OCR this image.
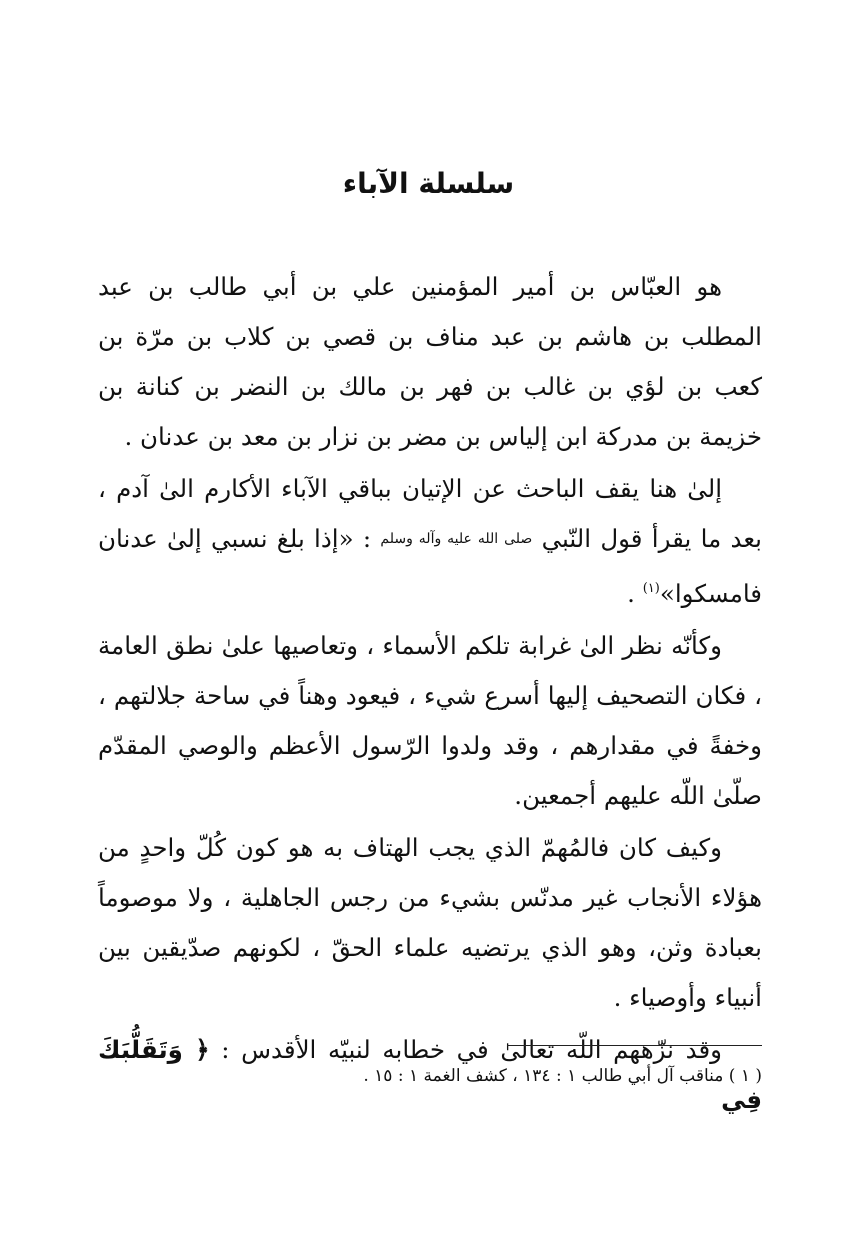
سلسلة الآباء

هو العبّاس بن أمير المؤمنين علي بن أبي طالب بن عبد المطلب بن هاشم بن عبد مناف بن قصي بن كلاب بن مرّة بن كعب بن لؤي بن غالب بن فهر بن مالك بن النضر بن كنانة بن خزيمة بن مدركة ابن إلياس بن مضر بن نزار بن معد بن عدنان .

إلىٰ هنا يقف الباحث عن الإتيان بباقي الآباء الأكارم الىٰ آدم ، بعد ما يقرأ قول النّبي صلى الله عليه وآله وسلم : «إذا بلغ نسبي إلىٰ عدنان فامسكوا»$^{(١)}$ .

وكأنّه نظر الىٰ غرابة تلكم الأسماء ، وتعاصيها علىٰ نطق العامة ، فكان التصحيف إليها أسرع شيء ، فيعود وهناً في ساحة جلالتهم ، وخفةً في مقدارهم ، وقد ولدوا الرّسول الأعظم والوصي المقدّم صلّىٰ اللّه عليهم أجمعين.

وكيف كان فالمُهمّ الذي يجب الهتاف به هو كون كُلّ واحدٍ من هؤلاء الأنجاب غير مدنّس بشيء من رجس الجاهلية ، ولا موصوماً بعبادة وثن، وهو الذي يرتضيه علماء الحقّ ، لكونهم صدّيقين بين أنبياء وأوصياء .

وقد نزّههم اللّه تعالىٰ في خطابه لنبيّه الأقدس : ﴿ وَتَقَلُّبَكَ فِي

( ١ ) مناقب آل أبي طالب ١ : ١٣٤ ، كشف الغمة ١ : ١٥ .
